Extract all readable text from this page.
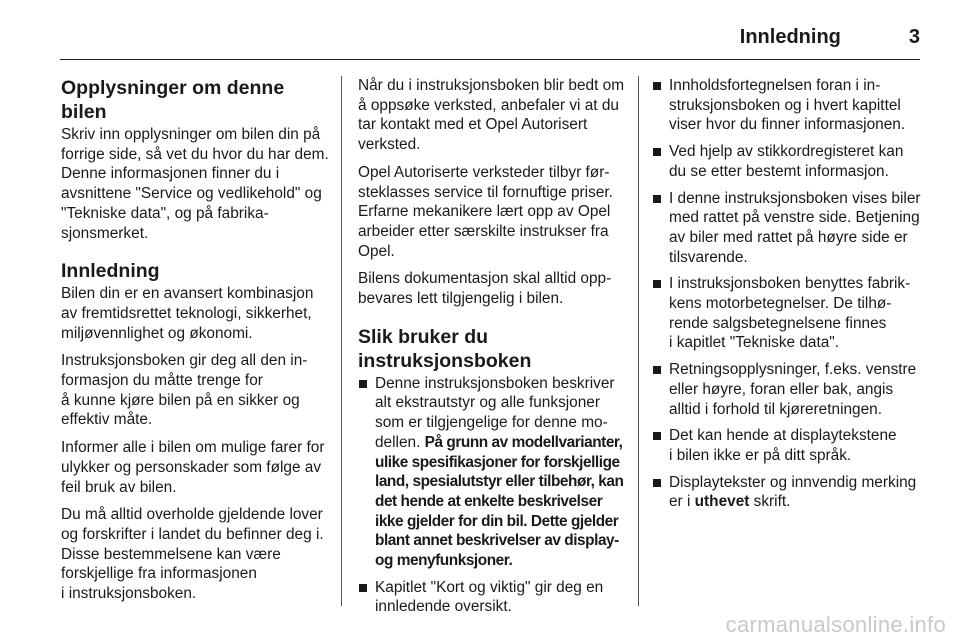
Innledning	3
Opplysninger om denne bilen

Skriv inn opplysninger om bilen din på forrige side, så vet du hvor du har dem. Denne informasjonen finner du i avsnittene "Service og vedlikehold" og "Tekniske data", og på fabrikasjonsmerket.

Innledning

Bilen din er en avansert kombinasjon av fremtidsrettet teknologi, sikkerhet, miljøvennlighet og økonomi.

Instruksjonsboken gir deg all den informasjon du måtte trenge for
å kunne kjøre bilen på en sikker og effektiv måte.

Informer alle i bilen om mulige farer for ulykker og personskader som følge av feil bruk av bilen.

Du må alltid overholde gjeldende lover og forskrifter i landet du befinner deg i. Disse bestemmelsene kan være forskjellige fra informasjonen
i instruksjonsboken.

Når du i instruksjonsboken blir bedt om å oppsøke verksted, anbefaler vi at du tar kontakt med et Opel Autorisert verksted.

Opel Autoriserte verksteder tilbyr førsteklasses service til fornuftige priser. Erfarne mekanikere lært opp av Opel arbeider etter særskilte instrukser fra Opel.

Bilens dokumentasjon skal alltid oppbevares lett tilgjengelig i bilen.

Slik bruker du
instruksjonsboken
Denne instruksjonsboken beskriver alt ekstrautstyr og alle funksjoner som er tilgjengelige for denne modellen. På grunn av modellvarianter, ulike spesifikasjoner for forskjellige land, spesialutstyr eller tilbehør, kan det hende at enkelte beskrivelser ikke gjelder for din bil. Dette gjelder blant annet beskrivelser av display- og menyfunksjoner.
Kapitlet "Kort og viktig" gir deg en innledende oversikt.
Innholdsfortegnelsen foran i instruksjonsboken og i hvert kapittel viser hvor du finner informasjonen.
Ved hjelp av stikkordregisteret kan du se etter bestemt informasjon.
I denne instruksjonsboken vises biler med rattet på venstre side. Betjening av biler med rattet på høyre side er tilsvarende.
I instruksjonsboken benyttes fabrikkens motorbetegnelser. De tilhørende salgsbetegnelsene finnes
i kapitlet "Tekniske data".
Retningsopplysninger, f.eks. venstre eller høyre, foran eller bak, angis alltid i forhold til kjøreretningen.
Det kan hende at displaytekstene
i bilen ikke er på ditt språk.
Displaytekster og innvendig merking er i uthevet skrift.
carmanualsonline.info
